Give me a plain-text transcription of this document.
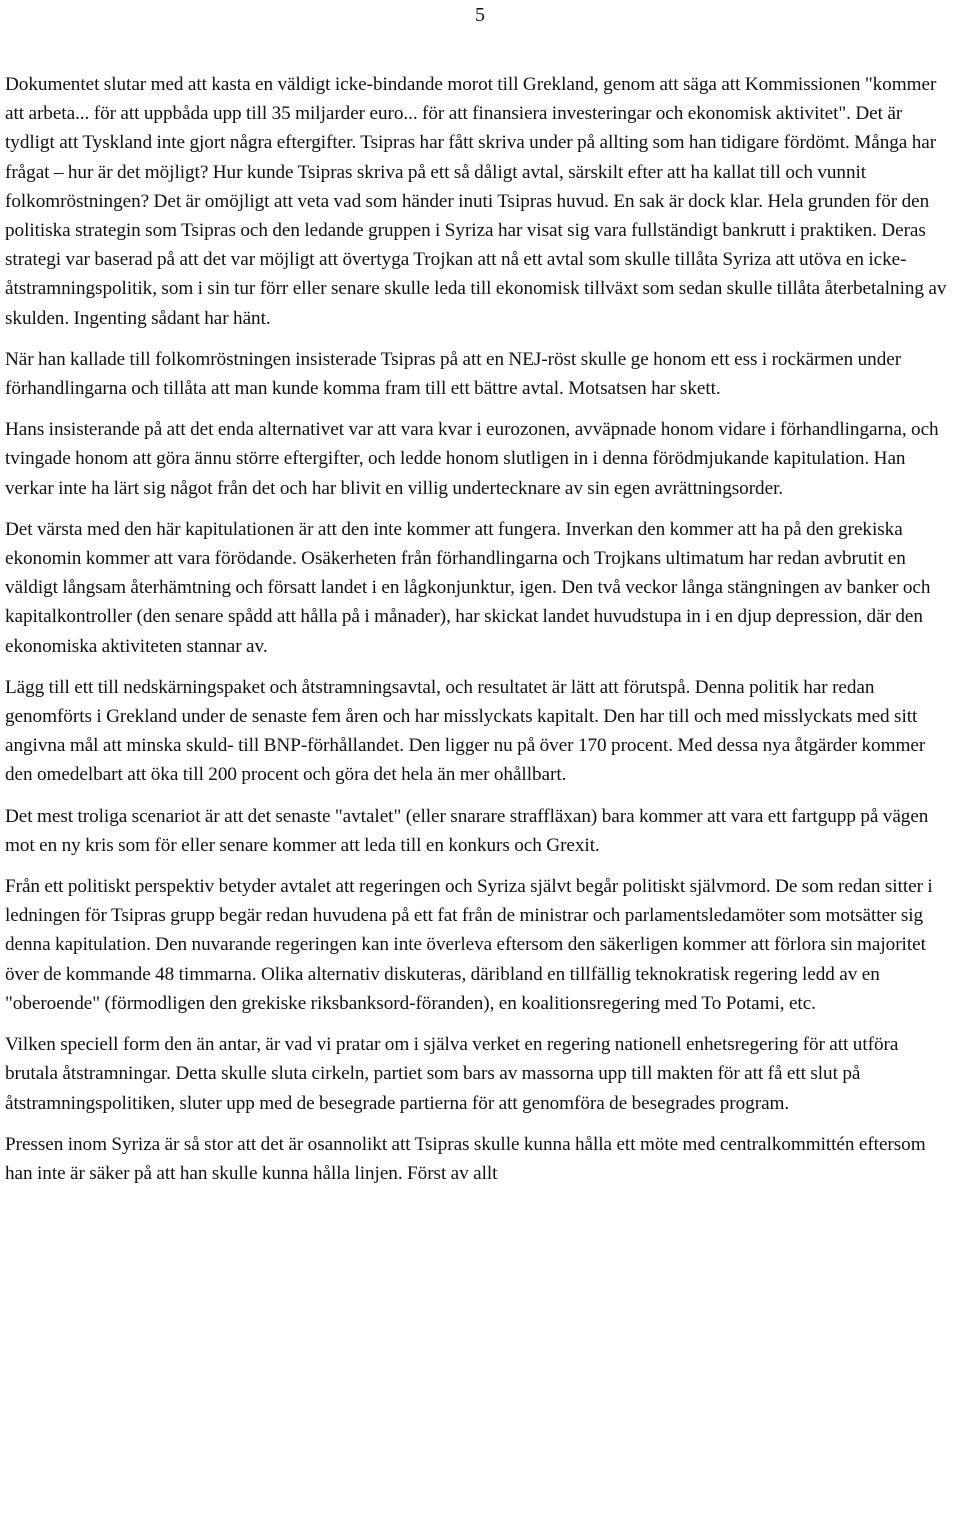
5

Dokumentet slutar med att kasta en väldigt icke-bindande morot till Grekland, genom att säga att Kommissionen "kommer att arbeta... för att uppbåda upp till 35 miljarder euro... för att finansiera investeringar och ekonomisk aktivitet". Det är tydligt att Tyskland inte gjort några eftergifter. Tsipras har fått skriva under på allting som han tidigare fördömt. Många har frågat – hur är det möjligt? Hur kunde Tsipras skriva på ett så dåligt avtal, särskilt efter att ha kallat till och vunnit folkomröstningen? Det är omöjligt att veta vad som händer inuti Tsipras huvud. En sak är dock klar. Hela grunden för den politiska strategin som Tsipras och den ledande gruppen i Syriza har visat sig vara fullständigt bankrutt i praktiken. Deras strategi var baserad på att det var möjligt att övertyga Trojkan att nå ett avtal som skulle tillåta Syriza att utöva en icke-åtstramningspolitik, som i sin tur förr eller senare skulle leda till ekonomisk tillväxt som sedan skulle tillåta återbetalning av skulden. Ingenting sådant har hänt.

När han kallade till folkomröstningen insisterade Tsipras på att en NEJ-röst skulle ge honom ett ess i rockärmen under förhandlingarna och tillåta att man kunde komma fram till ett bättre avtal. Motsatsen har skett.

Hans insisterande på att det enda alternativet var att vara kvar i eurozonen, avväpnade honom vidare i förhandlingarna, och tvingade honom att göra ännu större eftergifter, och ledde honom slutligen in i denna förödmjukande kapitulation. Han verkar inte ha lärt sig något från det och har blivit en villig undertecknare av sin egen avrättningsorder.

Det värsta med den här kapitulationen är att den inte kommer att fungera. Inverkan den kommer att ha på den grekiska ekonomin kommer att vara förödande. Osäkerheten från förhandlingarna och Trojkans ultimatum har redan avbrutit en väldigt långsam återhämtning och försatt landet i en lågkonjunktur, igen. Den två veckor långa stängningen av banker och kapitalkontroller (den senare spådd att hålla på i månader), har skickat landet huvudstupa in i en djup depression, där den ekonomiska aktiviteten stannar av.

Lägg till ett till nedskärningspaket och åtstramningsavtal, och resultatet är lätt att förutspå. Denna politik har redan genomförts i Grekland under de senaste fem åren och har misslyckats kapitalt. Den har till och med misslyckats med sitt angivna mål att minska skuld- till BNP-förhållandet. Den ligger nu på över 170 procent. Med dessa nya åtgärder kommer den omedelbart att öka till 200 procent och göra det hela än mer ohållbart.

Det mest troliga scenariot är att det senaste "avtalet" (eller snarare straffläxan) bara kommer att vara ett fartgupp på vägen mot en ny kris som för eller senare kommer att leda till en konkurs och Grexit.

Från ett politiskt perspektiv betyder avtalet att regeringen och Syriza självt begår politiskt självmord. De som redan sitter i ledningen för Tsipras grupp begär redan huvudena på ett fat från de ministrar och parlamentsledamöter som motsätter sig denna kapitulation. Den nuvarande regeringen kan inte överleva eftersom den säkerligen kommer att förlora sin majoritet över de kommande 48 timmarna. Olika alternativ diskuteras, däribland en tillfällig teknokratisk regering ledd av en "oberoende" (förmodligen den grekiske riksbanksord-föranden), en koalitionsregering med To Potami, etc.

Vilken speciell form den än antar, är vad vi pratar om i själva verket en regering nationell enhetsregering för att utföra brutala åtstramningar. Detta skulle sluta cirkeln, partiet som bars av massorna upp till makten för att få ett slut på åtstramningspolitiken, sluter upp med de besegrade partierna för att genomföra de besegrades program.

Pressen inom Syriza är så stor att det är osannolikt att Tsipras skulle kunna hålla ett möte med centralkommittén eftersom han inte är säker på att han skulle kunna hålla linjen. Först av allt
